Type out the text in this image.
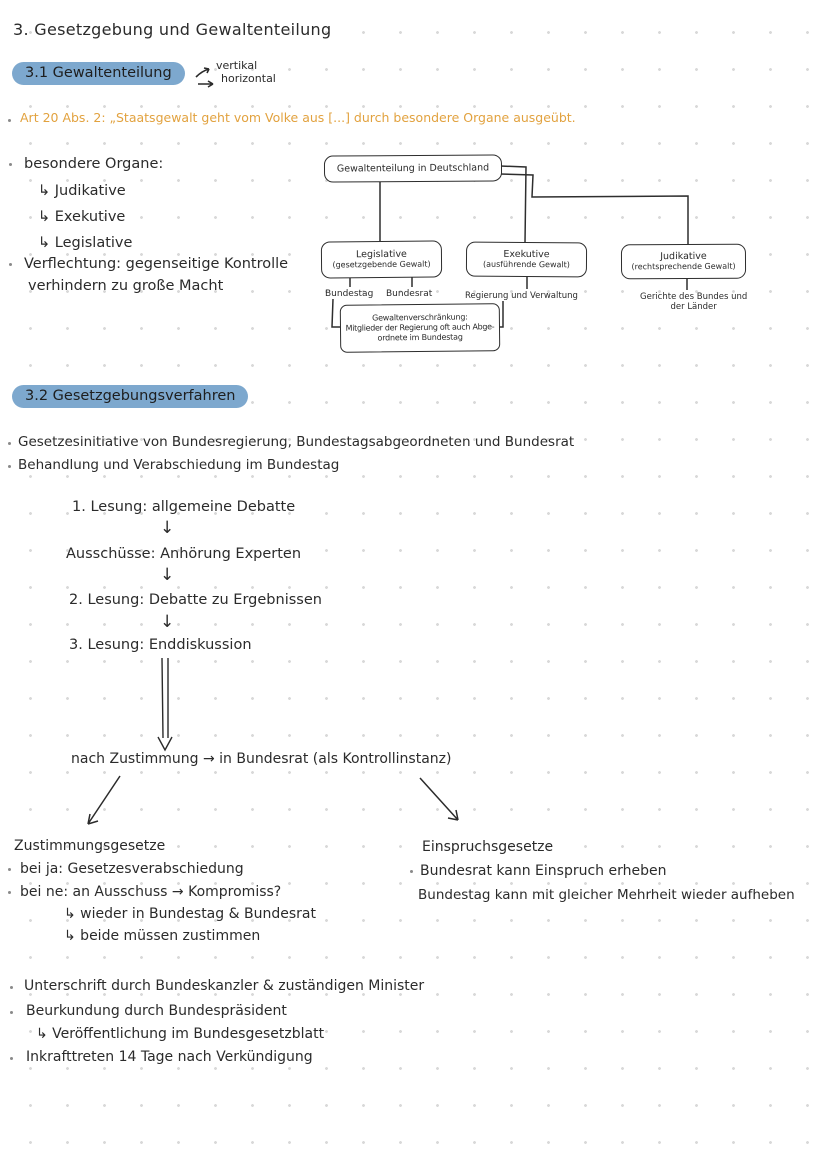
3. Gesetzgebung und Gewaltenteilung
3.1 Gewaltenteilung	vertikal
horizontal
Art 20 Abs. 2: „Staatsgewalt geht vom Volke aus [...] durch besondere Organe ausgeübt.
besondere Organe:
↳ Judikative
↳ Exekutive
↳ Legislative
Verflechtung: gegenseitige Kontrolle
verhindern zu große Macht
Gewaltenteilung in Deutschland
Legislative
(gesetzgebende Gewalt)
Exekutive
(ausführende Gewalt)
Judikative
(rechtsprechende Gewalt)
Bundestag Bundesrat	Regierung und Verwaltung	Gerichte des Bundes und
der Länder
Gewaltenverschränkung:
Mitglieder der Regierung oft auch Abge-
ordnete im Bundestag
3.2 Gesetzgebungsverfahren
Gesetzesinitiative von Bundesregierung, Bundestagsabgeordneten und Bundesrat
Behandlung und Verabschiedung im Bundestag
1. Lesung: allgemeine Debatte
↓
Ausschüsse: Anhörung Experten
↓
2. Lesung: Debatte zu Ergebnissen
↓
3. Lesung: Enddiskussion
nach Zustimmung → in Bundesrat (als Kontrollinstanz)
Zustimmungsgesetze
bei ja: Gesetzesverabschiedung
bei ne: an Ausschuss → Kompromiss?
↳ wieder in Bundestag & Bundesrat
↳ beide müssen zustimmen
Einspruchsgesetze
Bundesrat kann Einspruch erheben
Bundestag kann mit gleicher Mehrheit wieder aufheben
Unterschrift durch Bundeskanzler & zuständigen Minister
Beurkundung durch Bundespräsident
↳ Veröffentlichung im Bundesgesetzblatt
Inkrafttreten 14 Tage nach Verkündigung
